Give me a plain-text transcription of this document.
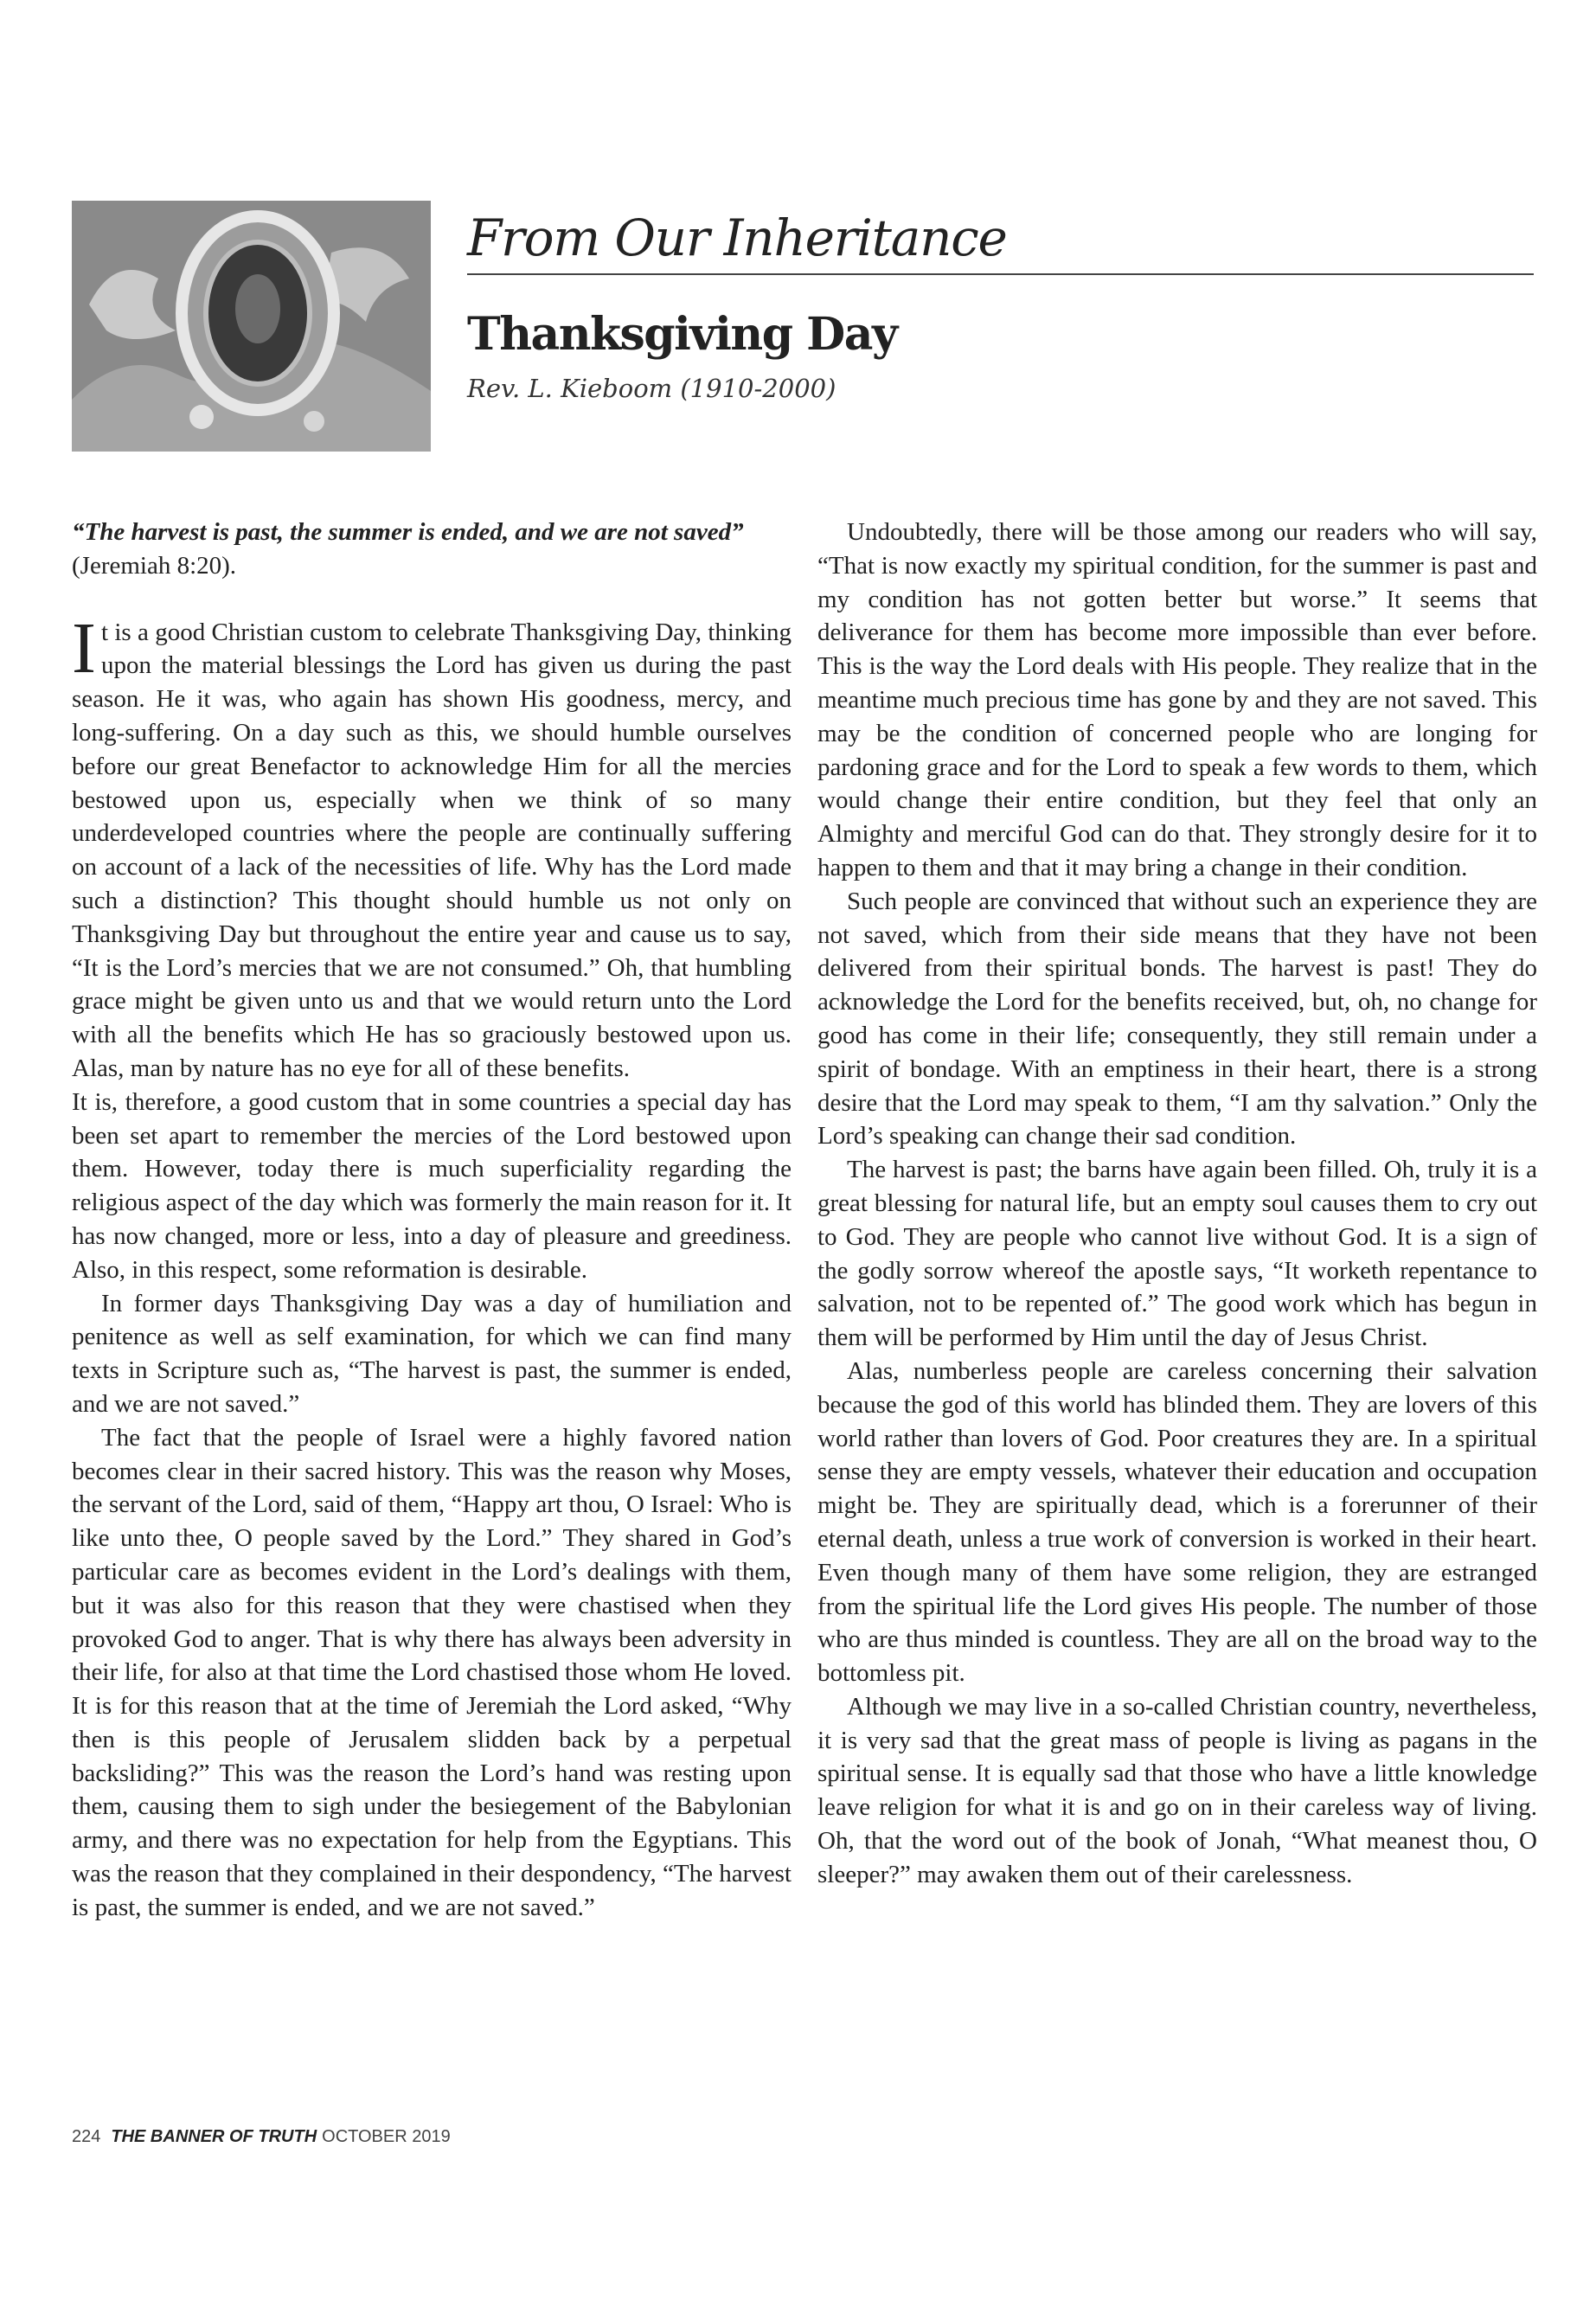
From Our Inheritance
Thanksgiving Day

Rev. L. Kieboom (1910-2000)

“The harvest is past, the summer is ended, and we are not saved” (Jeremiah 8:20).

It is a good Christian custom to celebrate Thanksgiving Day, thinking upon the material blessings the Lord has given us during the past season. He it was, who again has shown His goodness, mercy, and long-suffering. On a day such as this, we should humble ourselves before our great Benefactor to acknowledge Him for all the mercies bestowed upon us, especially when we think of so many underdeveloped countries where the people are continually suffering on account of a lack of the necessities of life. Why has the Lord made such a distinction? This thought should humble us not only on Thanksgiving Day but throughout the entire year and cause us to say, “It is the Lord’s mercies that we are not consumed.” Oh, that humbling grace might be given unto us and that we would return unto the Lord with all the benefits which He has so graciously bestowed upon us. Alas, man by nature has no eye for all of these benefits.

It is, therefore, a good custom that in some countries a special day has been set apart to remember the mercies of the Lord bestowed upon them. However, today there is much superficiality regarding the religious aspect of the day which was formerly the main reason for it. It has now changed, more or less, into a day of pleasure and greediness. Also, in this respect, some reformation is desirable.

In former days Thanksgiving Day was a day of humiliation and penitence as well as self examination, for which we can find many texts in Scripture such as, “The harvest is past, the summer is ended, and we are not saved.”

The fact that the people of Israel were a highly favored nation becomes clear in their sacred history. This was the reason why Moses, the servant of the Lord, said of them, “Happy art thou, O Israel: Who is like unto thee, O people saved by the Lord.” They shared in God’s particular care as becomes evident in the Lord’s dealings with them, but it was also for this reason that they were chastised when they provoked God to anger. That is why there has always been adversity in their life, for also at that time the Lord chastised those whom He loved. It is for this reason that at the time of Jeremiah the Lord asked, “Why then is this people of Jerusalem slidden back by a perpetual backsliding?” This was the reason the Lord’s hand was resting upon them, causing them to sigh under the besiegement of the Babylonian army, and there was no expectation for help from the Egyptians. This was the reason that they complained in their despondency, “The harvest is past, the summer is ended, and we are not saved.”

Undoubtedly, there will be those among our readers who will say, “That is now exactly my spiritual condition, for the summer is past and my condition has not gotten better but worse.” It seems that deliverance for them has become more impossible than ever before. This is the way the Lord deals with His people. They realize that in the meantime much precious time has gone by and they are not saved. This may be the condition of concerned people who are longing for pardoning grace and for the Lord to speak a few words to them, which would change their entire condition, but they feel that only an Almighty and merciful God can do that. They strongly desire for it to happen to them and that it may bring a change in their condition.

Such people are convinced that without such an experience they are not saved, which from their side means that they have not been delivered from their spiritual bonds. The harvest is past! They do acknowledge the Lord for the benefits received, but, oh, no change for good has come in their life; consequently, they still remain under a spirit of bondage. With an emptiness in their heart, there is a strong desire that the Lord may speak to them, “I am thy salvation.” Only the Lord’s speaking can change their sad condition.

The harvest is past; the barns have again been filled. Oh, truly it is a great blessing for natural life, but an empty soul causes them to cry out to God. They are people who cannot live without God. It is a sign of the godly sorrow whereof the apostle says, “It worketh repentance to salvation, not to be repented of.” The good work which has begun in them will be performed by Him until the day of Jesus Christ.

Alas, numberless people are careless concerning their salvation because the god of this world has blinded them. They are lovers of this world rather than lovers of God. Poor creatures they are. In a spiritual sense they are empty vessels, whatever their education and occupation might be. They are spiritually dead, which is a forerunner of their eternal death, unless a true work of conversion is worked in their heart. Even though many of them have some religion, they are estranged from the spiritual life the Lord gives His people. The number of those who are thus minded is countless. They are all on the broad way to the bottomless pit.

Although we may live in a so-called Christian country, nevertheless, it is very sad that the great mass of people is living as pagans in the spiritual sense. It is equally sad that those who have a little knowledge leave religion for what it is and go on in their careless way of living. Oh, that the word out of the book of Jonah, “What meanest thou, O sleeper?” may awaken them out of their carelessness.

224 THE BANNER OF TRUTH OCTOBER 2019
